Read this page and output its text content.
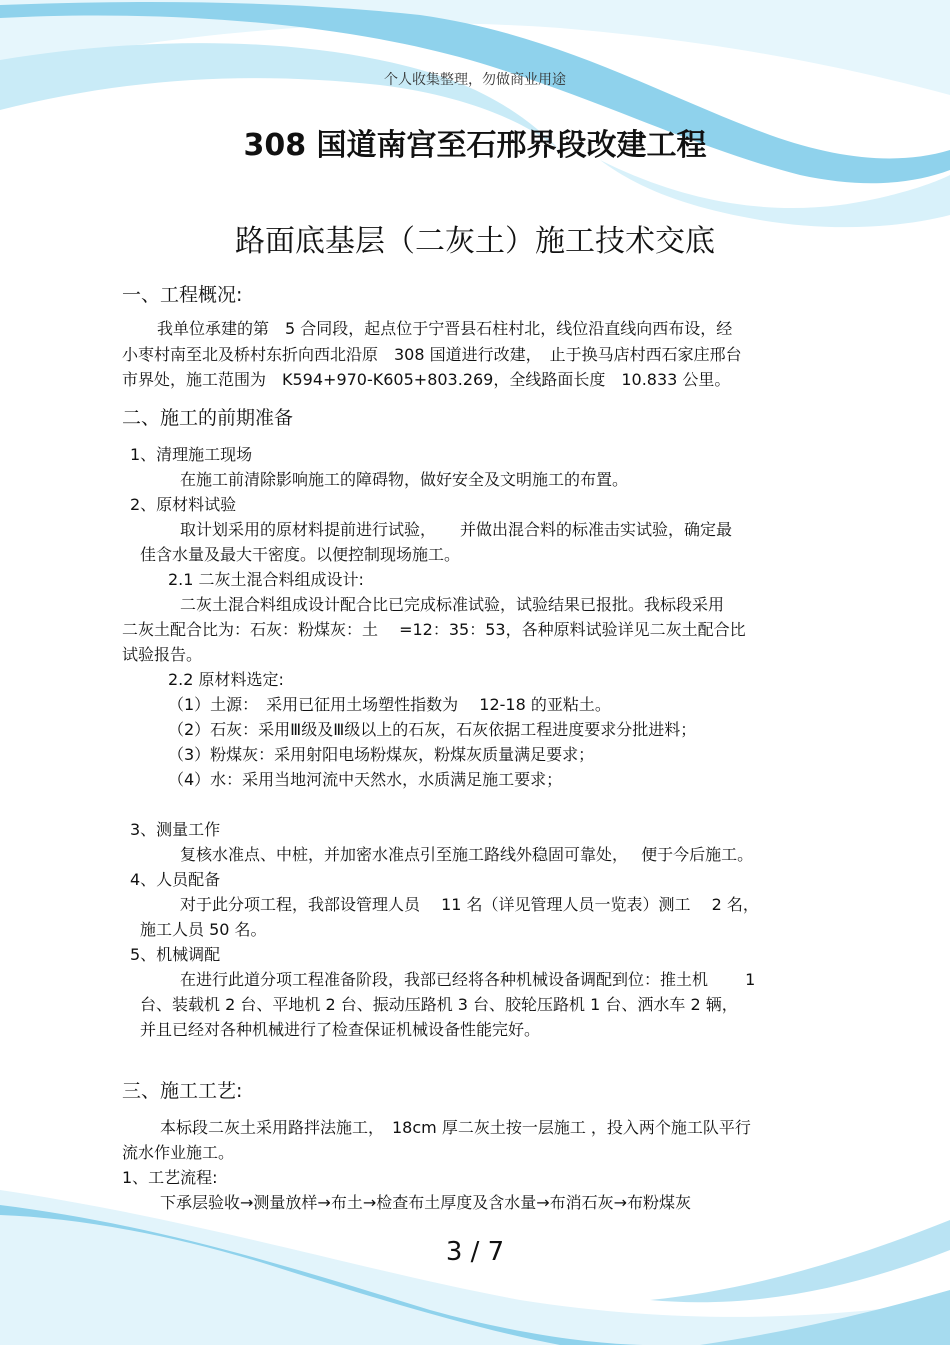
个人收集整理，勿做商业用途
308 国道南宫至石邢界段改建工程
路面底基层（二灰土）施工技术交底
一、工程概况:
我单位承建的第　5 合同段，起点位于宁晋县石柱村北，线位沿直线向西布设，经
小枣村南至北及桥村东折向西北沿原　308 国道进行改建，　止于换马店村西石家庄邢台
市界处，施工范围为　K594+970-K605+803.269，全线路面长度　10.833 公里。
二、施工的前期准备
1、清理施工现场
在施工前清除影响施工的障碍物，做好安全及文明施工的布置。
2、原材料试验
取计划采用的原材料提前进行试验，　　并做出混合料的标准击实试验，确定最
佳含水量及最大干密度。以便控制现场施工。
2.1 二灰土混合料组成设计:
二灰土混合料组成设计配合比已完成标准试验，试验结果已报批。我标段采用
二灰土配合比为：石灰：粉煤灰：土　 =12：35：53，各种原料试验详见二灰土配合比
试验报告。
2.2 原材料选定:
（1）土源：　采用已征用土场塑性指数为　 12-18 的亚粘土。
（2）石灰：采用Ⅲ级及Ⅲ级以上的石灰，石灰依据工程进度要求分批进料；
（3）粉煤灰：采用射阳电场粉煤灰，粉煤灰质量满足要求；
（4）水：采用当地河流中天然水，水质满足施工要求；
3、测量工作
复核水准点、中桩，并加密水准点引至施工路线外稳固可靠处，　 便于今后施工。
4、人员配备
对于此分项工程，我部设管理人员　 11 名（详见管理人员一览表）测工　 2 名，
施工人员 50 名。
5、机械调配
在进行此道分项工程准备阶段，我部已经将各种机械设备调配到位：推土机　　 1
台、装载机 2 台、平地机 2 台、振动压路机 3 台、胶轮压路机 1 台、洒水车 2 辆，
并且已经对各种机械进行了检查保证机械设备性能完好。
三、施工工艺:
本标段二灰土采用路拌法施工，　18cm 厚二灰土按一层施工 ，投入两个施工队平行
流水作业施工。
1、工艺流程:
下承层验收→测量放样→布土→检查布土厚度及含水量→布消石灰→布粉煤灰
3 / 7
